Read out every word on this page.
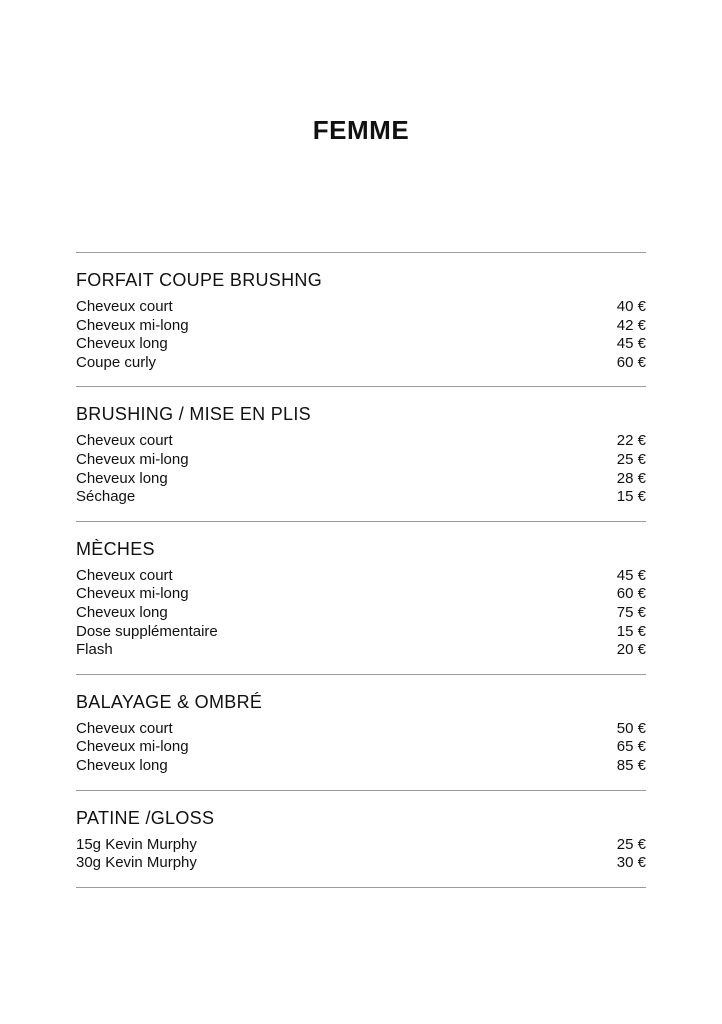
FEMME
FORFAIT COUPE BRUSHNG
Cheveux court	40 €
Cheveux mi-long	42 €
Cheveux long	45 €
Coupe curly	60 €
BRUSHING / MISE EN PLIS
Cheveux court	22 €
Cheveux mi-long	25 €
Cheveux long	28 €
Séchage	15 €
MÈCHES
Cheveux court	45 €
Cheveux mi-long	60 €
Cheveux long	75 €
Dose supplémentaire	15 €
Flash	20 €
BALAYAGE & OMBRÉ
Cheveux court	50 €
Cheveux mi-long	65 €
Cheveux long	85 €
PATINE /GLOSS
15g Kevin Murphy	25 €
30g Kevin Murphy	30 €
